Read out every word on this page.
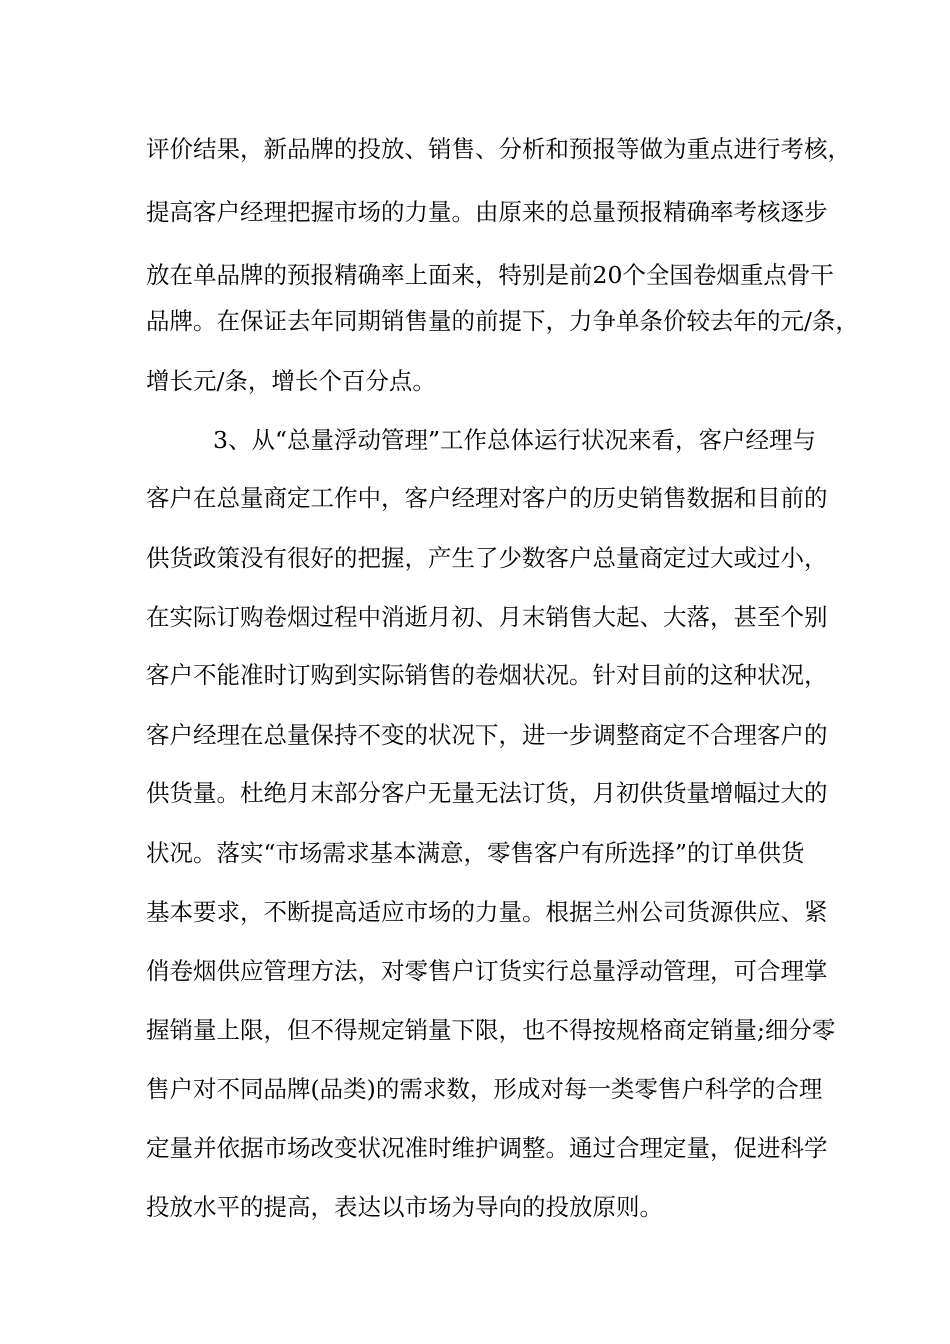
评价结果，新品牌的投放、销售、分析和预报等做为重点进行考核，
提高客户经理把握市场的力量。由原来的总量预报精确率考核逐步
放在单品牌的预报精确率上面来，特别是前20个全国卷烟重点骨干
品牌。在保证去年同期销售量的前提下，力争单条价较去年的元/条，
增长元/条，增长个百分点。
3、从“总量浮动管理”工作总体运行状况来看，客户经理与
客户在总量商定工作中，客户经理对客户的历史销售数据和目前的
供货政策没有很好的把握，产生了少数客户总量商定过大或过小，
在实际订购卷烟过程中消逝月初、月末销售大起、大落，甚至个别
客户不能准时订购到实际销售的卷烟状况。针对目前的这种状况，
客户经理在总量保持不变的状况下，进一步调整商定不合理客户的
供货量。杜绝月末部分客户无量无法订货，月初供货量增幅过大的
状况。落实“市场需求基本满意，零售客户有所选择”的订单供货
基本要求，不断提高适应市场的力量。根据兰州公司货源供应、紧
俏卷烟供应管理方法，对零售户订货实行总量浮动管理，可合理掌
握销量上限，但不得规定销量下限，也不得按规格商定销量;细分零
售户对不同品牌(品类)的需求数，形成对每一类零售户科学的合理
定量并依据市场改变状况准时维护调整。通过合理定量，促进科学
投放水平的提高，表达以市场为导向的投放原则。
